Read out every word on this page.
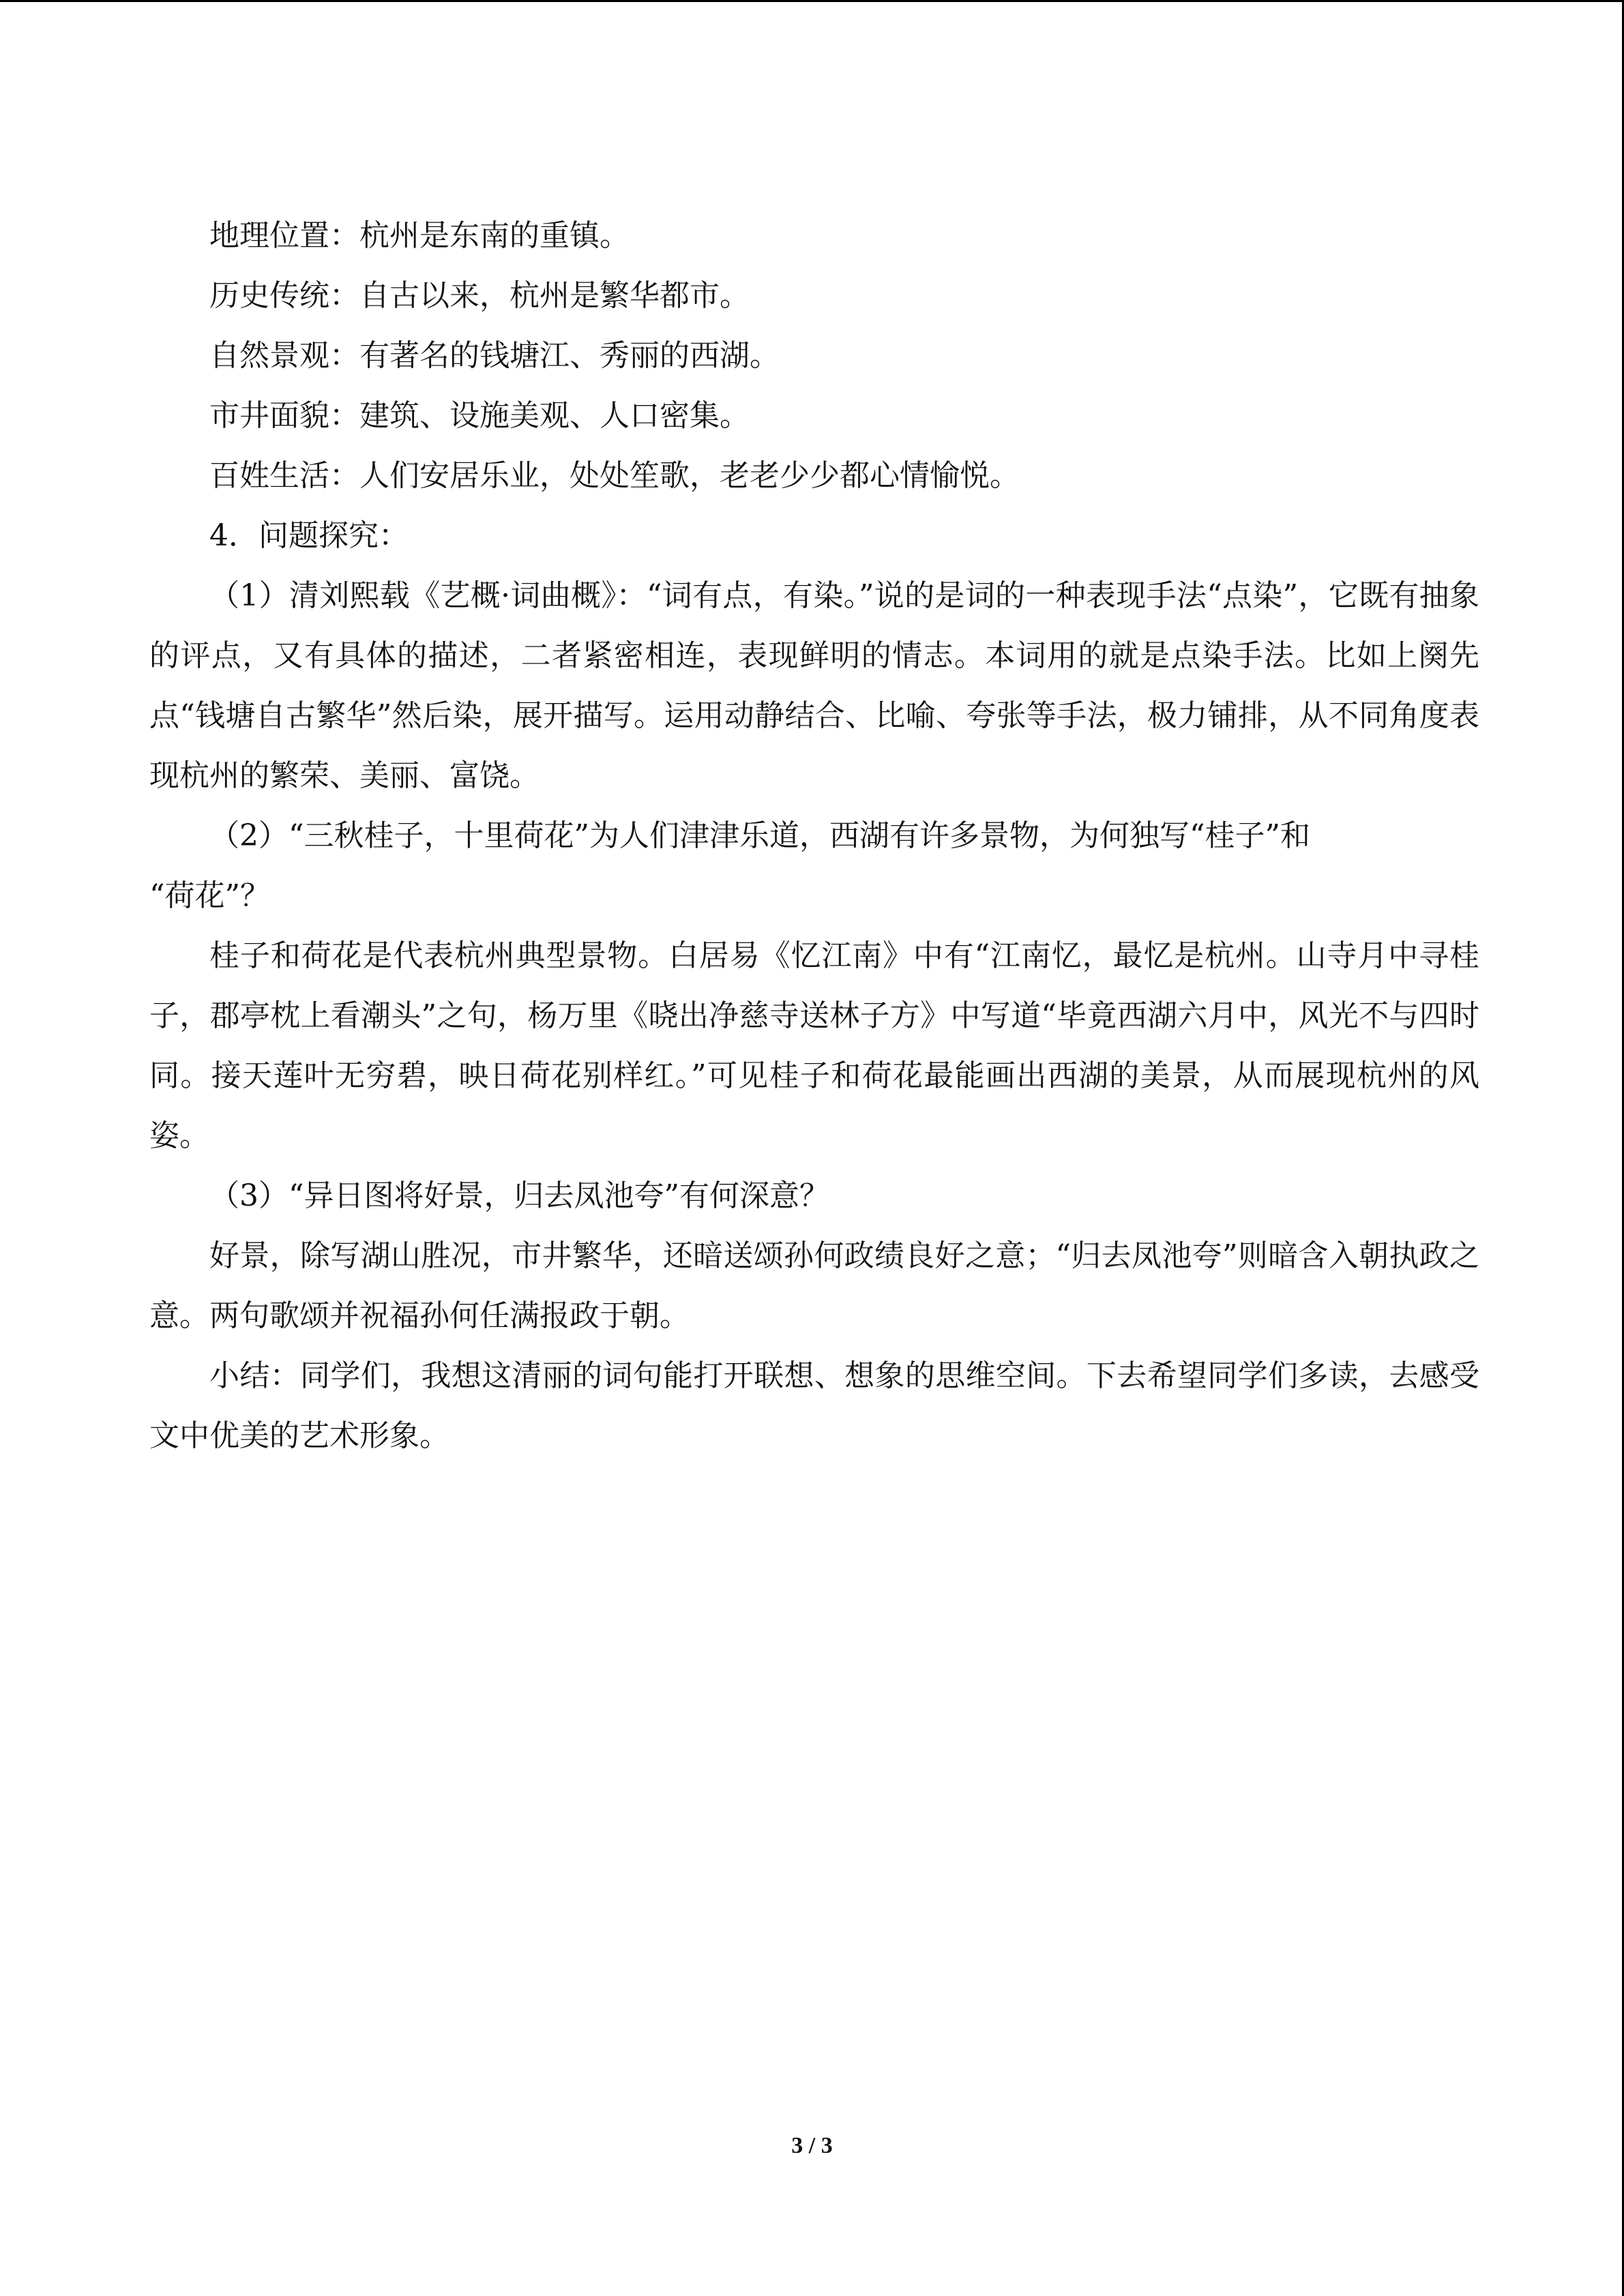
地理位置：杭州是东南的重镇。

历史传统：自古以来，杭州是繁华都市。

自然景观：有著名的钱塘江、秀丽的西湖。

市井面貌：建筑、设施美观、人口密集。

百姓生活：人们安居乐业，处处笙歌，老老少少都心情愉悦。

4．问题探究：

（1）清刘熙载《艺概·词曲概》：“词有点，有染。”说的是词的一种表现手法“点染”，它既有抽象的评点，又有具体的描述，二者紧密相连，表现鲜明的情志。本词用的就是点染手法。比如上阕先点“钱塘自古繁华”然后染，展开描写。运用动静结合、比喻、夸张等手法，极力铺排，从不同角度表现杭州的繁荣、美丽、富饶。

（2）“三秋桂子，十里荷花”为人们津津乐道，西湖有许多景物，为何独写“桂子”和

“荷花”？

桂子和荷花是代表杭州典型景物。白居易《忆江南》中有“江南忆，最忆是杭州。山寺月中寻桂子，郡亭枕上看潮头”之句，杨万里《晓出净慈寺送林子方》中写道“毕竟西湖六月中，风光不与四时同。接天莲叶无穷碧，映日荷花别样红。”可见桂子和荷花最能画出西湖的美景，从而展现杭州的风姿。

（3）“异日图将好景，归去凤池夸”有何深意？

好景，除写湖山胜况，市井繁华，还暗送颂孙何政绩良好之意；“归去凤池夸”则暗含入朝执政之意。两句歌颂并祝福孙何任满报政于朝。

小结：同学们，我想这清丽的词句能打开联想、想象的思维空间。下去希望同学们多读，去感受文中优美的艺术形象。

3 / 3
